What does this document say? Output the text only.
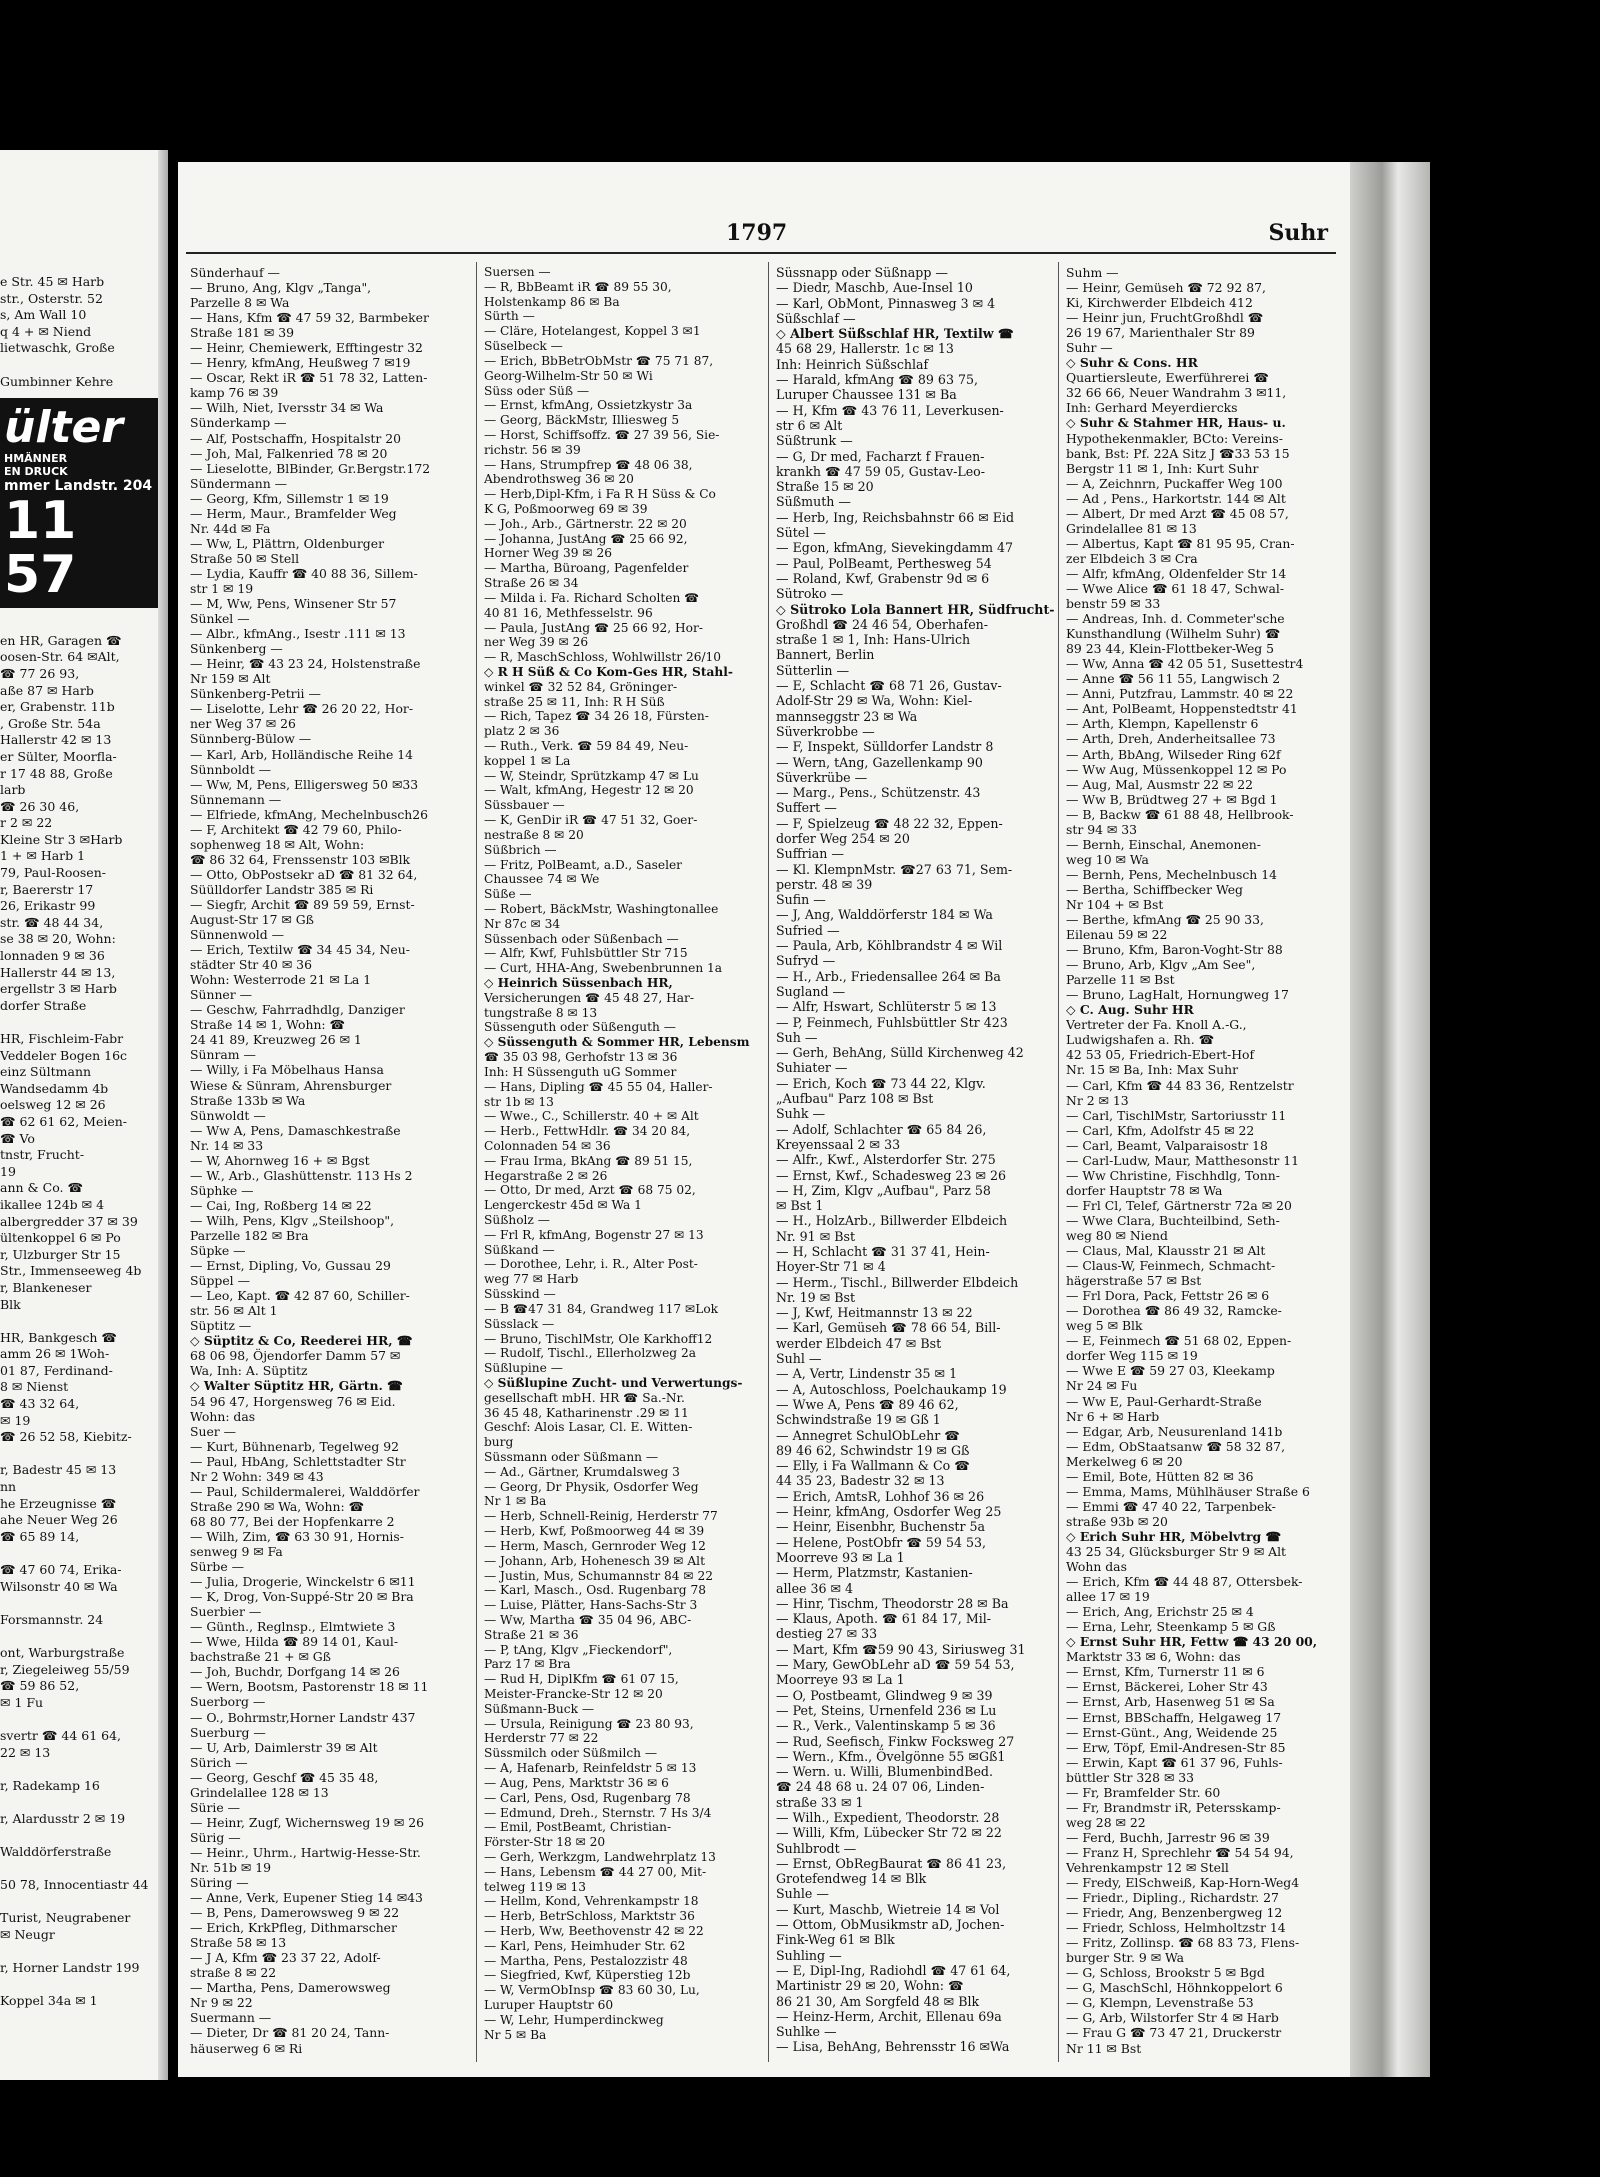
e Str. 45 ✉ Harb
str., Osterstr. 52
s, Am Wall 10
q 4 + ✉ Niend
lietwaschk, Große

Gumbinner Kehre
ülter
HMÄNNER
EN DRUCK
mmer Landstr. 204
11 57

en HR, Garagen ☎
oosen-Str. 64 ✉Alt,
☎ 77 26 93,
aße 87 ✉ Harb
er, Grabenstr. 11b
, Große Str. 54a
Hallerstr 42 ✉ 13
er Sülter, Moorfla-
r 17 48 88, Große
larb
☎ 26 30 46,
r 2 ✉ 22
Kleine Str 3 ✉Harb
1 + ✉ Harb 1
79, Paul-Roosen-
r, Baererstr 17
26, Erikastr 99
str. ☎ 48 44 34,
se 38 ✉ 20, Wohn:
lonnaden 9 ✉ 36
Hallerstr 44 ✉ 13,
ergellstr 3 ✉ Harb
dorfer Straße

HR, Fischleim-Fabr
Veddeler Bogen 16c
einz Sültmann
Wandsedamm 4b
oelsweg 12 ✉ 26
☎ 62 61 62, Meien-
☎ Vo
tnstr, Frucht-
19
ann & Co. ☎
ikallee 124b ✉ 4
albergredder 37 ✉ 39
ültenkoppel 6 ✉ Po
r, Ulzburger Str 15
Str., Immenseeweg 4b
r, Blankeneser
Blk

HR, Bankgesch ☎
amm 26 ✉ 1Woh-
01 87, Ferdinand-
8 ✉ Nienst
☎ 43 32 64,
✉ 19
☎ 26 52 58, Kiebitz-

r, Badestr 45 ✉ 13
nn
he Erzeugnisse ☎
ahe Neuer Weg 26
☎ 65 89 14,

☎ 47 60 74, Erika-
Wilsonstr 40 ✉ Wa

Forsmannstr. 24

ont, Warburgstraße
r, Ziegeleiweg 55/59
☎ 59 86 52,
✉ 1 Fu

svertr ☎ 44 61 64,
22 ✉ 13

r, Radekamp 16

r, Alardusstr 2 ✉ 19

Walddörferstraße

50 78, Innocentiastr 44

Turist, Neugrabener
✉ Neugr

r, Horner Landstr 199

Koppel 34a ✉ 1
1797	Suhr
Sünderhauf —
— Bruno, Ang, Klgv „Tanga",
Parzelle 8 ✉ Wa
— Hans, Kfm ☎ 47 59 32, Barmbeker
Straße 181 ✉ 39
— Heinr, Chemiewerk, Efftingestr 32
— Henry, kfmAng, Heußweg 7 ✉19
— Oscar, Rekt iR ☎ 51 78 32, Latten-
kamp 76 ✉ 39
— Wilh, Niet, Iversstr 34 ✉ Wa
Sünderkamp —
— Alf, Postschaffn, Hospitalstr 20
— Joh, Mal, Falkenried 78 ✉ 20
— Lieselotte, BlBinder, Gr.Bergstr.172
Sündermann —
— Georg, Kfm, Sillemstr 1 ✉ 19
— Herm, Maur., Bramfelder Weg
Nr. 44d ✉ Fa
— Ww, L, Plättrn, Oldenburger
Straße 50 ✉ Stell
— Lydia, Kauffr ☎ 40 88 36, Sillem-
str 1 ✉ 19
— M, Ww, Pens, Winsener Str 57
Sünkel —
— Albr., kfmAng., Isestr .111 ✉ 13
Sünkenberg —
— Heinr, ☎ 43 23 24, Holstenstraße
Nr 159 ✉ Alt
Sünkenberg-Petrii —
— Liselotte, Lehr ☎ 26 20 22, Hor-
ner Weg 37 ✉ 26
Sünnberg-Bülow —
— Karl, Arb, Holländische Reihe 14
Sünnboldt —
— Ww, M, Pens, Elligersweg 50 ✉33
Sünnemann —
— Elfriede, kfmAng, Mechelnbusch26
— F, Architekt ☎ 42 79 60, Philo-
sophenweg 18 ✉ Alt, Wohn:
☎ 86 32 64, Frenssenstr 103 ✉Blk
— Otto, ObPostsekr aD ☎ 81 32 64,
Süülldorfer Landstr 385 ✉ Ri
— Siegfr, Archit ☎ 89 59 59, Ernst-
August-Str 17 ✉ Gß
Sünnenwold —
— Erich, Textilw ☎ 34 45 34, Neu-
städter Str 40 ✉ 36
Wohn: Westerrode 21 ✉ La 1
Sünner —
— Geschw, Fahrradhdlg, Danziger
Straße 14 ✉ 1, Wohn: ☎
24 41 89, Kreuzweg 26 ✉ 1
Sünram —
— Willy, i Fa Möbelhaus Hansa
Wiese & Sünram, Ahrensburger
Straße 133b ✉ Wa
Sünwoldt —
— Ww A, Pens, Damaschkestraße
Nr. 14 ✉ 33
— W, Ahornweg 16 + ✉ Bgst
— W., Arb., Glashüttenstr. 113 Hs 2
Süphke —
— Cai, Ing, Roßberg 14 ✉ 22
— Wilh, Pens, Klgv „Steilshoop",
Parzelle 182 ✉ Bra
Süpke —
— Ernst, Dipling, Vo, Gussau 29
Süppel —
— Leo, Kapt. ☎ 42 87 60, Schiller-
str. 56 ✉ Alt 1
Süptitz —
◇ Süptitz & Co, Reederei HR, ☎
68 06 98, Öjendorfer Damm 57 ✉
Wa, Inh: A. Süptitz
◇ Walter Süptitz HR, Gärtn. ☎
54 96 47, Horgensweg 76 ✉ Eid.
Wohn: das
Suer —
— Kurt, Bühnenarb, Tegelweg 92
— Paul, HbAng, Schlettstadter Str
Nr 2 Wohn: 349 ✉ 43
— Paul, Schildermalerei, Walddörfer
Straße 290 ✉ Wa, Wohn: ☎
68 80 77, Bei der Hopfenkarre 2
— Wilh, Zim, ☎ 63 30 91, Hornis-
senweg 9 ✉ Fa
Sürbe —
— Julia, Drogerie, Winckelstr 6 ✉11
— K, Drog, Von-Suppé-Str 20 ✉ Bra
Suerbier —
— Günth., Reglnsp., Elmtwiete 3
— Wwe, Hilda ☎ 89 14 01, Kaul-
bachstraße 21 + ✉ Gß
— Joh, Buchdr, Dorfgang 14 ✉ 26
— Wern, Bootsm, Pastorenstr 18 ✉ 11
Suerborg —
— O., Bohrmstr,Horner Landstr 437
Suerburg —
— U, Arb, Daimlerstr 39 ✉ Alt
Sürich —
— Georg, Geschf ☎ 45 35 48,
Grindelallee 128 ✉ 13
Sürie —
— Heinr, Zugf, Wichernsweg 19 ✉ 26
Sürig —
— Heinr., Uhrm., Hartwig-Hesse-Str.
Nr. 51b ✉ 19
Süring —
— Anne, Verk, Eupener Stieg 14 ✉43
— B, Pens, Damerowsweg 9 ✉ 22
— Erich, KrkPfleg, Dithmarscher
Straße 58 ✉ 13
— J A, Kfm ☎ 23 37 22, Adolf-
straße 8 ✉ 22
— Martha, Pens, Damerowsweg
Nr 9 ✉ 22
Suermann —
— Dieter, Dr ☎ 81 20 24, Tann-
häuserweg 6 ✉ Ri
Suersen —
— R, BbBeamt iR ☎ 89 55 30,
Holstenkamp 86 ✉ Ba
Sürth —
— Cläre, Hotelangest, Koppel 3 ✉1
Süselbeck —
— Erich, BbBetrObMstr ☎ 75 71 87,
Georg-Wilhelm-Str 50 ✉ Wi
Süss oder Süß —
— Ernst, kfmAng, Ossietzkystr 3a
— Georg, BäckMstr, Illiesweg 5
— Horst, Schiffsoffz. ☎ 27 39 56, Sie-
richstr. 56 ✉ 39
— Hans, Strumpfrep ☎ 48 06 38,
Abendrothsweg 36 ✉ 20
— Herb,Dipl-Kfm, i Fa R H Süss & Co
K G, Poßmoorweg 69 ✉ 39
— Joh., Arb., Gärtnerstr. 22 ✉ 20
— Johanna, JustAng ☎ 25 66 92,
Horner Weg 39 ✉ 26
— Martha, Büroang, Pagenfelder
Straße 26 ✉ 34
— Milda i. Fa. Richard Scholten ☎
40 81 16, Methfesselstr. 96
— Paula, JustAng ☎ 25 66 92, Hor-
ner Weg 39 ✉ 26
— R, MaschSchloss, Wohlwillstr 26/10
◇ R H Süß & Co Kom-Ges HR, Stahl-
winkel ☎ 32 52 84, Gröninger-
straße 25 ✉ 11, Inh: R H Süß
— Rich, Tapez ☎ 34 26 18, Fürsten-
platz 2 ✉ 36
— Ruth., Verk. ☎ 59 84 49, Neu-
koppel 1 ✉ La
— W, Steindr, Sprützkamp 47 ✉ Lu
— Walt, kfmAng, Hegestr 12 ✉ 20
Süssbauer —
— K, GenDir iR ☎ 47 51 32, Goer-
nestraße 8 ✉ 20
Süßbrich —
— Fritz, PolBeamt, a.D., Saseler
Chaussee 74 ✉ We
Süße —
— Robert, BäckMstr, Washingtonallee
Nr 87c ✉ 34
Süssenbach oder Süßenbach —
— Alfr, Kwf, Fuhlsbüttler Str 715
— Curt, HHA-Ang, Swebenbrunnen 1a
◇ Heinrich Süssenbach HR,
Versicherungen ☎ 45 48 27, Har-
tungstraße 8 ✉ 13
Süssenguth oder Süßenguth —
◇ Süssenguth & Sommer HR, Lebensm
☎ 35 03 98, Gerhofstr 13 ✉ 36
Inh: H Süssenguth uG Sommer
— Hans, Dipling ☎ 45 55 04, Haller-
str 1b ✉ 13
— Wwe., C., Schillerstr. 40 + ✉ Alt
— Herb., FettwHdlr. ☎ 34 20 84,
Colonnaden 54 ✉ 36
— Frau Irma, BkAng ☎ 89 51 15,
Hegarstraße 2 ✉ 26
— Otto, Dr med, Arzt ☎ 68 75 02,
Lengerckestr 45d ✉ Wa 1
Süßholz —
— Frl R, kfmAng, Bogenstr 27 ✉ 13
Süßkand —
— Dorothee, Lehr, i. R., Alter Post-
weg 77 ✉ Harb
Süsskind —
— B ☎47 31 84, Grandweg 117 ✉Lok
Süsslack —
— Bruno, TischlMstr, Ole Karkhoff12
— Rudolf, Tischl., Ellerholzweg 2a
Süßlupine —
◇ Süßlupine Zucht- und Verwertungs-
gesellschaft mbH. HR ☎ Sa.-Nr.
36 45 48, Katharinenstr .29 ✉ 11
Geschf: Alois Lasar, Cl. E. Witten-
burg
Süssmann oder Süßmann —
— Ad., Gärtner, Krumdalsweg 3
— Georg, Dr Physik, Osdorfer Weg
Nr 1 ✉ Ba
— Herb, Schnell-Reinig, Herderstr 77
— Herb, Kwf, Poßmoorweg 44 ✉ 39
— Herm, Masch, Gernroder Weg 12
— Johann, Arb, Hohenesch 39 ✉ Alt
— Justin, Mus, Schumannstr 84 ✉ 22
— Karl, Masch., Osd. Rugenbarg 78
— Luise, Plätter, Hans-Sachs-Str 3
— Ww, Martha ☎ 35 04 96, ABC-
Straße 21 ✉ 36
— P, tAng, Klgv „Fieckendorf",
Parz 17 ✉ Bra
— Rud H, DiplKfm ☎ 61 07 15,
Meister-Francke-Str 12 ✉ 20
Süßmann-Buck —
— Ursula, Reinigung ☎ 23 80 93,
Herderstr 77 ✉ 22
Süssmilch oder Süßmilch —
— A, Hafenarb, Reinfeldstr 5 ✉ 13
— Aug, Pens, Marktstr 36 ✉ 6
— Carl, Pens, Osd, Rugenbarg 78
— Edmund, Dreh., Sternstr. 7 Hs 3/4
— Emil, PostBeamt, Christian-
Förster-Str 18 ✉ 20
— Gerh, Werkzgm, Landwehrplatz 13
— Hans, Lebensm ☎ 44 27 00, Mit-
telweg 119 ✉ 13
— Hellm, Kond, Vehrenkampstr 18
— Herb, BetrSchloss, Marktstr 36
— Herb, Ww, Beethovenstr 42 ✉ 22
— Karl, Pens, Heimhuder Str. 62
— Martha, Pens, Pestalozzistr 48
— Siegfried, Kwf, Küperstieg 12b
— W, VermObInsp ☎ 83 60 30, Lu,
Luruper Hauptstr 60
— W, Lehr, Humperdinckweg
Nr 5 ✉ Ba
Süssnapp oder Süßnapp —
— Diedr, Maschb, Aue-Insel 10
— Karl, ObMont, Pinnasweg 3 ✉ 4
Süßschlaf —
◇ Albert Süßschlaf HR, Textilw ☎
45 68 29, Hallerstr. 1c ✉ 13
Inh: Heinrich Süßschlaf
— Harald, kfmAng ☎ 89 63 75,
Luruper Chaussee 131 ✉ Ba
— H, Kfm ☎ 43 76 11, Leverkusen-
str 6 ✉ Alt
Süßtrunk —
— G, Dr med, Facharzt f Frauen-
krankh ☎ 47 59 05, Gustav-Leo-
Straße 15 ✉ 20
Süßmuth —
— Herb, Ing, Reichsbahnstr 66 ✉ Eid
Sütel —
— Egon, kfmAng, Sievekingdamm 47
— Paul, PolBeamt, Perthesweg 54
— Roland, Kwf, Grabenstr 9d ✉ 6
Sütroko —
◇ Sütroko Lola Bannert HR, Südfrucht-
Großhdl ☎ 24 46 54, Oberhafen-
straße 1 ✉ 1, Inh: Hans-Ulrich
Bannert, Berlin
Sütterlin —
— E, Schlacht ☎ 68 71 26, Gustav-
Adolf-Str 29 ✉ Wa, Wohn: Kiel-
mannseggstr 23 ✉ Wa
Süverkrobbe —
— F, Inspekt, Sülldorfer Landstr 8
— Wern, tAng, Gazellenkamp 90
Süverkrübe —
— Marg., Pens., Schützenstr. 43
Suffert —
— F, Spielzeug ☎ 48 22 32, Eppen-
dorfer Weg 254 ✉ 20
Suffrian —
— Kl. KlempnMstr. ☎27 63 71, Sem-
perstr. 48 ✉ 39
Sufin —
— J, Ang, Walddörferstr 184 ✉ Wa
Sufried —
— Paula, Arb, Köhlbrandstr 4 ✉ Wil
Sufryd —
— H., Arb., Friedensallee 264 ✉ Ba
Sugland —
— Alfr, Hswart, Schlüterstr 5 ✉ 13
— P, Feinmech, Fuhlsbüttler Str 423
Suh —
— Gerh, BehAng, Sülld Kirchenweg 42
Suhiater —
— Erich, Koch ☎ 73 44 22, Klgv.
„Aufbau" Parz 108 ✉ Bst
Suhk —
— Adolf, Schlachter ☎ 65 84 26,
Kreyenssaal 2 ✉ 33
— Alfr., Kwf., Alsterdorfer Str. 275
— Ernst, Kwf., Schadesweg 23 ✉ 26
— H, Zim, Klgv „Aufbau", Parz 58
✉ Bst 1
— H., HolzArb., Billwerder Elbdeich
Nr. 91 ✉ Bst
— H, Schlacht ☎ 31 37 41, Hein-
Hoyer-Str 71 ✉ 4
— Herm., Tischl., Billwerder Elbdeich
Nr. 19 ✉ Bst
— J, Kwf, Heitmannstr 13 ✉ 22
— Karl, Gemüseh ☎ 78 66 54, Bill-
werder Elbdeich 47 ✉ Bst
Suhl —
— A, Vertr, Lindenstr 35 ✉ 1
— A, Autoschloss, Poelchaukamp 19
— Wwe A, Pens ☎ 89 46 62,
Schwindstraße 19 ✉ Gß 1
— Annegret SchulObLehr ☎
89 46 62, Schwindstr 19 ✉ Gß
— Elly, i Fa Wallmann & Co ☎
44 35 23, Badestr 32 ✉ 13
— Erich, AmtsR, Lohhof 36 ✉ 26
— Heinr, kfmAng, Osdorfer Weg 25
— Heinr, Eisenbhr, Buchenstr 5a
— Helene, PostObfr ☎ 59 54 53,
Moorreve 93 ✉ La 1
— Herm, Platzmstr, Kastanien-
allee 36 ✉ 4
— Hinr, Tischm, Theodorstr 28 ✉ Ba
— Klaus, Apoth. ☎ 61 84 17, Mil-
destieg 27 ✉ 33
— Mart, Kfm ☎59 90 43, Siriusweg 31
— Mary, GewObLehr aD ☎ 59 54 53,
Moorreye 93 ✉ La 1
— O, Postbeamt, Glindweg 9 ✉ 39
— Pet, Steins, Urnenfeld 236 ✉ Lu
— R., Verk., Valentinskamp 5 ✉ 36
— Rud, Seefisch, Finkw Focksweg 27
— Wern., Kfm., Övelgönne 55 ✉Gß1
— Wern. u. Willi, BlumenbindBed.
☎ 24 48 68 u. 24 07 06, Linden-
straße 33 ✉ 1
— Wilh., Expedient, Theodorstr. 28
— Willi, Kfm, Lübecker Str 72 ✉ 22
Suhlbrodt —
— Ernst, ObRegBaurat ☎ 86 41 23,
Grotefendweg 14 ✉ Blk
Suhle —
— Kurt, Maschb, Wietreie 14 ✉ Vol
— Ottom, ObMusikmstr aD, Jochen-
Fink-Weg 61 ✉ Blk
Suhling —
— E, Dipl-Ing, Radiohdl ☎ 47 61 64,
Martinistr 29 ✉ 20, Wohn: ☎
86 21 30, Am Sorgfeld 48 ✉ Blk
— Heinz-Herm, Archit, Ellenau 69a
Suhlke —
— Lisa, BehAng, Behrensstr 16 ✉Wa
Suhm —
— Heinr, Gemüseh ☎ 72 92 87,
Ki, Kirchwerder Elbdeich 412
— Heinr jun, FruchtGroßhdl ☎
26 19 67, Marienthaler Str 89
Suhr —
◇ Suhr & Cons. HR
Quartiersleute, Ewerführerei ☎
32 66 66, Neuer Wandrahm 3 ✉11,
Inh: Gerhard Meyerdiercks
◇ Suhr & Stahmer HR, Haus- u.
Hypothekenmakler, BCto: Vereins-
bank, Bst: Pf. 22A Sitz J ☎33 53 15
Bergstr 11 ✉ 1, Inh: Kurt Suhr
— A, Zeichnrn, Puckaffer Weg 100
— Ad , Pens., Harkortstr. 144 ✉ Alt
— Albert, Dr med Arzt ☎ 45 08 57,
Grindelallee 81 ✉ 13
— Albertus, Kapt ☎ 81 95 95, Cran-
zer Elbdeich 3 ✉ Cra
— Alfr, kfmAng, Oldenfelder Str 14
— Wwe Alice ☎ 61 18 47, Schwal-
benstr 59 ✉ 33
— Andreas, Inh. d. Commeter'sche
Kunsthandlung (Wilhelm Suhr) ☎
89 23 44, Klein-Flottbeker-Weg 5
— Ww, Anna ☎ 42 05 51, Susettestr4
— Anne ☎ 56 11 55, Langwisch 2
— Anni, Putzfrau, Lammstr. 40 ✉ 22
— Ant, PolBeamt, Hoppenstedtstr 41
— Arth, Klempn, Kapellenstr 6
— Arth, Dreh, Anderheitsallee 73
— Arth, BbAng, Wilseder Ring 62f
— Ww Aug, Müssenkoppel 12 ✉ Po
— Aug, Mal, Ausmstr 22 ✉ 22
— Ww B, Brüdtweg 27 + ✉ Bgd 1
— B, Backw ☎ 61 88 48, Hellbrook-
str 94 ✉ 33
— Bernh, Einschal, Anemonen-
weg 10 ✉ Wa
— Bernh, Pens, Mechelnbusch 14
— Bertha, Schiffbecker Weg
Nr 104 + ✉ Bst
— Berthe, kfmAng ☎ 25 90 33,
Eilenau 59 ✉ 22
— Bruno, Kfm, Baron-Voght-Str 88
— Bruno, Arb, Klgv „Am See",
Parzelle 11 ✉ Bst
— Bruno, LagHalt, Hornungweg 17
◇ C. Aug. Suhr HR
Vertreter der Fa. Knoll A.-G.,
Ludwigshafen a. Rh. ☎
42 53 05, Friedrich-Ebert-Hof
Nr. 15 ✉ Ba, Inh: Max Suhr
— Carl, Kfm ☎ 44 83 36, Rentzelstr
Nr 2 ✉ 13
— Carl, TischlMstr, Sartoriusstr 11
— Carl, Kfm, Adolfstr 45 ✉ 22
— Carl, Beamt, Valparaisostr 18
— Carl-Ludw, Maur, Matthesonstr 11
— Ww Christine, Fischhdlg, Tonn-
dorfer Hauptstr 78 ✉ Wa
— Frl Cl, Telef, Gärtnerstr 72a ✉ 20
— Wwe Clara, Buchteilbind, Seth-
weg 80 ✉ Niend
— Claus, Mal, Klausstr 21 ✉ Alt
— Claus-W, Feinmech, Schmacht-
hägerstraße 57 ✉ Bst
— Frl Dora, Pack, Fettstr 26 ✉ 6
— Dorothea ☎ 86 49 32, Ramcke-
weg 5 ✉ Blk
— E, Feinmech ☎ 51 68 02, Eppen-
dorfer Weg 115 ✉ 19
— Wwe E ☎ 59 27 03, Kleekamp
Nr 24 ✉ Fu
— Ww E, Paul-Gerhardt-Straße
Nr 6 + ✉ Harb
— Edgar, Arb, Neusurenland 141b
— Edm, ObStaatsanw ☎ 58 32 87,
Merkelweg 6 ✉ 20
— Emil, Bote, Hütten 82 ✉ 36
— Emma, Mams, Mühlhäuser Straße 6
— Emmi ☎ 47 40 22, Tarpenbek-
straße 93b ✉ 20
◇ Erich Suhr HR, Möbelvtrg ☎
43 25 34, Glücksburger Str 9 ✉ Alt
Wohn das
— Erich, Kfm ☎ 44 48 87, Ottersbek-
allee 17 ✉ 19
— Erich, Ang, Erichstr 25 ✉ 4
— Erna, Lehr, Steenkamp 5 ✉ Gß
◇ Ernst Suhr HR, Fettw ☎ 43 20 00,
Marktstr 33 ✉ 6, Wohn: das
— Ernst, Kfm, Turnerstr 11 ✉ 6
— Ernst, Bäckerei, Loher Str 43
— Ernst, Arb, Hasenweg 51 ✉ Sa
— Ernst, BBSchaffn, Helgaweg 17
— Ernst-Günt., Ang, Weidende 25
— Erw, Töpf, Emil-Andresen-Str 85
— Erwin, Kapt ☎ 61 37 96, Fuhls-
büttler Str 328 ✉ 33
— Fr, Bramfelder Str. 60
— Fr, Brandmstr iR, Petersskamp-
weg 28 ✉ 22
— Ferd, Buchh, Jarrestr 96 ✉ 39
— Franz H, Sprechlehr ☎ 54 54 94,
Vehrenkampstr 12 ✉ Stell
— Fredy, ElSchweiß, Kap-Horn-Weg4
— Friedr., Dipling., Richardstr. 27
— Friedr, Ang, Benzenbergweg 12
— Friedr, Schloss, Helmholtzstr 14
— Fritz, Zollinsp. ☎ 68 83 73, Flens-
burger Str. 9 ✉ Wa
— G, Schloss, Brookstr 5 ✉ Bgd
— G, MaschSchl, Höhnkoppelort 6
— G, Klempn, Levenstraße 53
— G, Arb, Wilstorfer Str 4 ✉ Harb
— Frau G ☎ 73 47 21, Druckerstr
Nr 11 ✉ Bst
